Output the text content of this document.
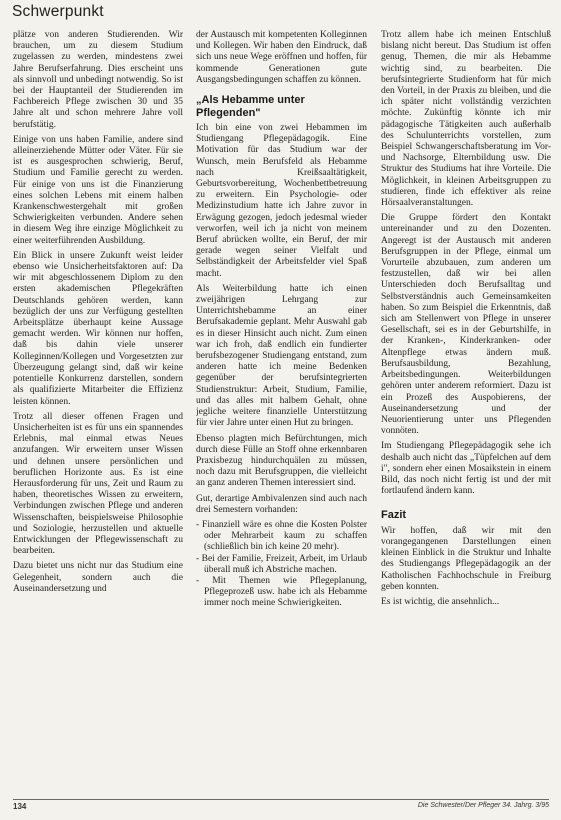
Schwerpunkt

plätze von anderen Studierenden. Wir brauchen, um zu diesem Studium zugelassen zu werden, mindestens zwei Jahre Berufserfahrung. Dies erscheint uns als sinnvoll und unbedingt notwendig. So ist bei der Hauptanteil der Studierenden im Fachbereich Pflege zwischen 30 und 35 Jahre alt und schon mehrere Jahre voll berufstätig.

Einige von uns haben Familie, andere sind alleinerziehende Mütter oder Väter. Für sie ist es ausgesprochen schwierig, Beruf, Studium und Familie gerecht zu werden. Für einige von uns ist die Finanzierung eines solchen Lebens mit einem halben Krankenschwestergehalt mit großen Schwierigkeiten verbunden. Andere sehen in diesem Weg ihre einzige Möglichkeit zu einer weiterführenden Ausbildung.

Ein Blick in unsere Zukunft weist leider ebenso wie Unsicherheitsfaktoren auf: Da wir mit abgeschlossenem Diplom zu den ersten akademischen Pflegekräften Deutschlands gehören werden, kann bezüglich der uns zur Verfügung gestellten Arbeitsplätze überhaupt keine Aussage gemacht werden. Wir können nur hoffen, daß bis dahin viele unserer Kolleginnen/Kollegen und Vorgesetzten zur Überzeugung gelangt sind, daß wir keine potentielle Konkurrenz darstellen, sondern als qualifizierte Mitarbeiter die Effizienz leisten können.

Trotz all dieser offenen Fragen und Unsicherheiten ist es für uns ein spannendes Erlebnis, mal einmal etwas Neues anzufangen. Wir erweitern unser Wissen und dehnen unsere persönlichen und beruflichen Horizonte aus. Es ist eine Herausforderung für uns, Zeit und Raum zu haben, theoretisches Wissen zu erweitern, Verbindungen zwischen Pflege und anderen Wissenschaften, beispielsweise Philosophie und Soziologie, herzustellen und aktuelle Entwicklungen der Pflegewissenschaft zu bearbeiten.

Dazu bietet uns nicht nur das Studium eine Gelegenheit, sondern auch die Auseinandersetzung und

der Austausch mit kompetenten Kolleginnen und Kollegen. Wir haben den Eindruck, daß sich uns neue Wege eröffnen und hoffen, für kommende Generationen gute Ausgangsbedingungen schaffen zu können.

„Als Hebamme unter Pflegenden"

Ich bin eine von zwei Hebammen im Studiengang Pflegepädagogik. Eine Motivation für das Studium war der Wunsch, mein Berufsfeld als Hebamme nach Kreißsaaltätigkeit, Geburtsvorbereitung, Wochenbettbetreuung zu erweitern. Ein Psychologie- oder Medizinstudium hatte ich Jahre zuvor in Erwägung gezogen, jedoch jedesmal wieder verworfen, weil ich ja nicht von meinem Beruf abrücken wollte, ein Beruf, der mir gerade wegen seiner Vielfalt und Selbständigkeit der Arbeitsfelder viel Spaß macht.

Als Weiterbildung hatte ich einen zweijährigen Lehrgang zur Unterrichtshebamme an einer Berufsakademie geplant. Mehr Auswahl gab es in dieser Hinsicht auch nicht. Zum einen war ich froh, daß endlich ein fundierter berufsbezogener Studiengang entstand, zum anderen hatte ich meine Bedenken gegenüber der berufsintegrierten Studienstruktur: Arbeit, Studium, Familie, und das alles mit halbem Gehalt, ohne jegliche weitere finanzielle Unterstützung für vier Jahre unter einen Hut zu bringen.

Ebenso plagten mich Befürchtungen, mich durch diese Fülle an Stoff ohne erkennbaren Praxisbezug hindurchquälen zu müssen, noch dazu mit Berufsgruppen, die vielleicht an ganz anderen Themen interessiert sind.

Gut, derartige Ambivalenzen sind auch nach drei Semestern vorhanden:

- Finanziell wäre es ohne die Kosten Polster oder Mehrarbeit kaum zu schaffen (schließlich bin ich keine 20 mehr).
- Bei der Familie, Freizeit, Arbeit, im Urlaub überall muß ich Abstriche machen.
- Mit Themen wie Pflegeplanung, Pflegeprozeß usw. habe ich als Hebamme immer noch meine Schwierigkeiten.

Trotz allem habe ich meinen Entschluß bislang nicht bereut. Das Studium ist offen genug, Themen, die mir als Hebamme wichtig sind, zu bearbeiten. Die berufsintegrierte Studienform hat für mich den Vorteil, in der Praxis zu bleiben, und die ich später nicht vollständig verzichten möchte. Zukünftig könnte ich mir pädagogische Tätigkeiten auch außerhalb des Schulunterrichts vorstellen, zum Beispiel Schwangerschaftsberatung im Vor- und Nachsorge, Elternbildung usw. Die Struktur des Studiums hat ihre Vorteile. Die Möglichkeit, in kleinen Arbeitsgruppen zu studieren, finde ich effektiver als reine Hörsaalveranstaltungen.

Die Gruppe fördert den Kontakt untereinander und zu den Dozenten. Angeregt ist der Austausch mit anderen Berufsgruppen in der Pflege, einmal um Vorurteile abzubauen, zum anderen um festzustellen, daß wir bei allen Unterschieden doch Berufsalltag und Selbstverständnis auch Gemeinsamkeiten haben. So zum Beispiel die Erkenntnis, daß sich am Stellenwert von Pflege in unserer Gesellschaft, sei es in der Geburtshilfe, in der Kranken-, Kinderkranken- oder Altenpflege etwas ändern muß. Berufsausbildung, Bezahlung, Arbeitsbedingungen. Weiterbildungen gehören unter anderem reformiert. Dazu ist ein Prozeß des Auspobierens, der Auseinandersetzung und der Neuorientierung unter uns Pflegenden vonnöten.

Im Studiengang Pflegepädagogik sehe ich deshalb auch nicht das „Tüpfelchen auf dem i", sondern eher einen Mosaikstein in einem Bild, das noch nicht fertig ist und der mit fortlaufend ändern kann.

Fazit

Wir hoffen, daß wir mit den vorangegangenen Darstellungen einen kleinen Einblick in die Struktur und Inhalte des Studiengangs Pflegepädagogik an der Katholischen Fachhochschule in Freiburg geben konnten.

Es ist wichtig, die ansehnlich...

134	Die Schwester/Der Pfleger 34. Jahrg. 3/95
